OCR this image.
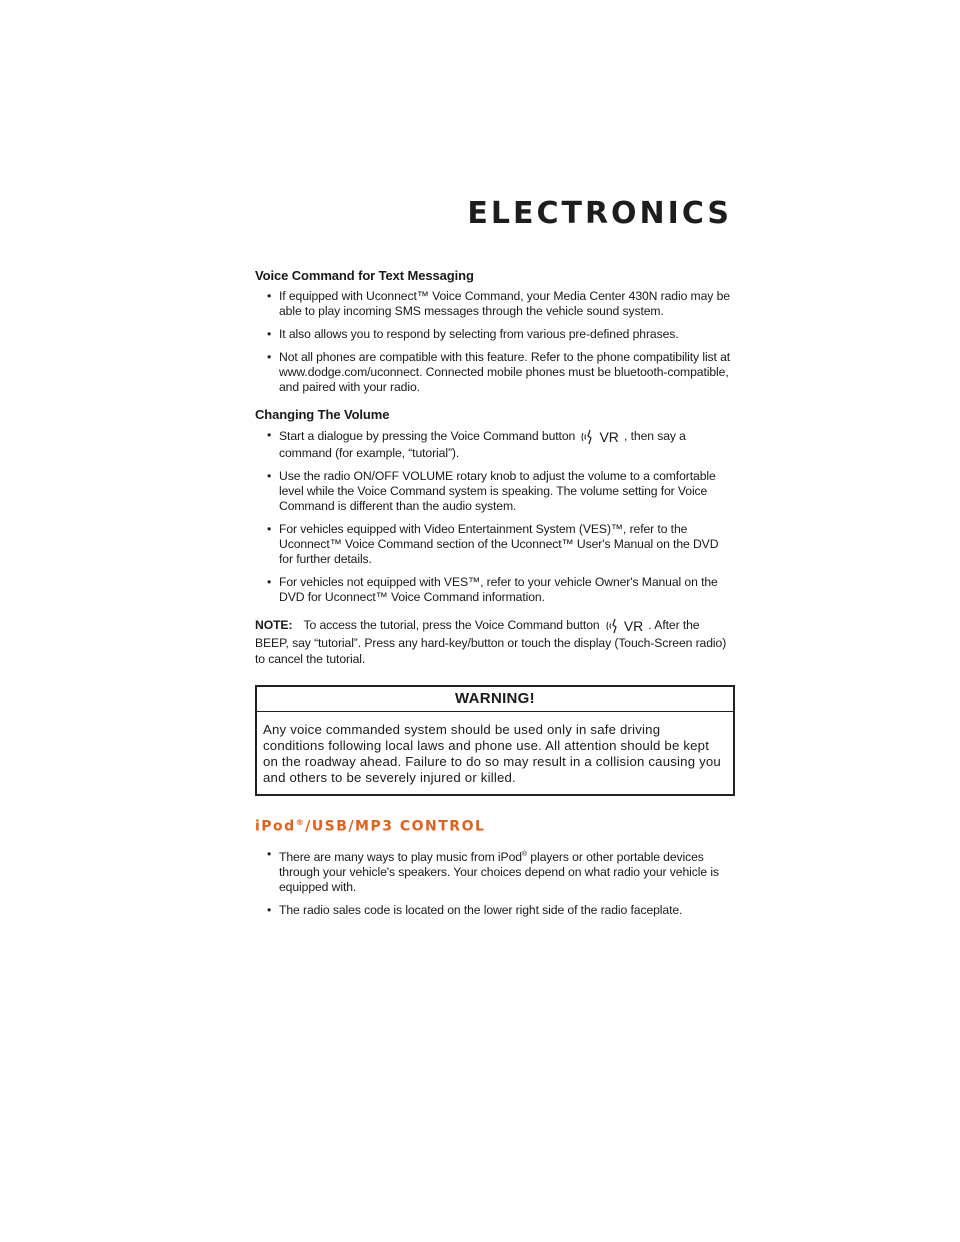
ELECTRONICS
Voice Command for Text Messaging
• If equipped with Uconnect™ Voice Command, your Media Center 430N radio may be able to play incoming SMS messages through the vehicle sound system.
• It also allows you to respond by selecting from various pre-defined phrases.
• Not all phones are compatible with this feature. Refer to the phone compatibility list at www.dodge.com/uconnect. Connected mobile phones must be bluetooth-compatible, and paired with your radio.
Changing The Volume
• Start a dialogue by pressing the Voice Command button VR , then say a command (for example, “tutorial”).
• Use the radio ON/OFF VOLUME rotary knob to adjust the volume to a comfortable level while the Voice Command system is speaking. The volume setting for Voice Command is different than the audio system.
• For vehicles equipped with Video Entertainment System (VES)™, refer to the Uconnect™ Voice Command section of the Uconnect™ User's Manual on the DVD for further details.
• For vehicles not equipped with VES™, refer to your vehicle Owner's Manual on the DVD for Uconnect™ Voice Command information.

NOTE: To access the tutorial, press the Voice Command button VR . After the BEEP, say “tutorial”. Press any hard-key/button or touch the display (Touch-Screen radio) to cancel the tutorial.

WARNING!
Any voice commanded system should be used only in safe driving conditions following local laws and phone use. All attention should be kept on the roadway ahead. Failure to do so may result in a collision causing you and others to be severely injured or killed.
iPod®/USB/MP3 CONTROL
• There are many ways to play music from iPod® players or other portable devices through your vehicle's speakers. Your choices depend on what radio your vehicle is equipped with.
• The radio sales code is located on the lower right side of the radio faceplate.
